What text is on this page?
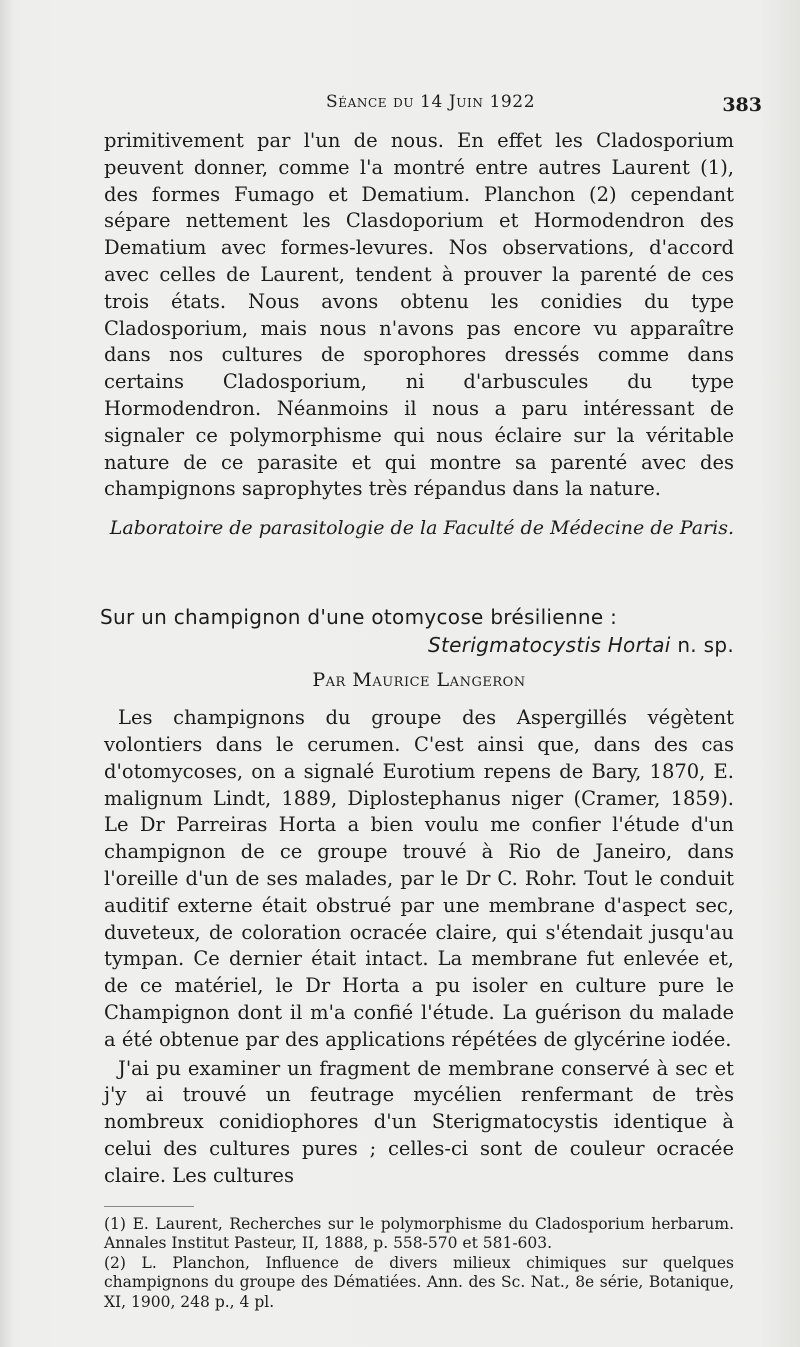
Séance du 14 Juin 1922	383

primitivement par l'un de nous. En effet les Cladosporium peuvent donner, comme l'a montré entre autres Laurent (1), des formes Fumago et Dematium. Planchon (2) cependant sépare nettement les Clasdoporium et Hormodendron des Dematium avec formes-levures. Nos observations, d'accord avec celles de Laurent, tendent à prouver la parenté de ces trois états. Nous avons obtenu les conidies du type Cladosporium, mais nous n'avons pas encore vu apparaître dans nos cultures de sporophores dressés comme dans certains Cladosporium, ni d'arbuscules du type Hormodendron. Néanmoins il nous a paru intéressant de signaler ce polymorphisme qui nous éclaire sur la véritable nature de ce parasite et qui montre sa parenté avec des champignons saprophytes très répandus dans la nature.

Laboratoire de parasitologie de la Faculté de Médecine de Paris.

Sur un champignon d'une otomycose brésilienne :
Sterigmatocystis Hortai n. sp.

Par Maurice Langeron

Les champignons du groupe des Aspergillés végètent volontiers dans le cerumen. C'est ainsi que, dans des cas d'otomycoses, on a signalé Eurotium repens de Bary, 1870, E. malignum Lindt, 1889, Diplostephanus niger (Cramer, 1859). Le Dr Parreiras Horta a bien voulu me confier l'étude d'un champignon de ce groupe trouvé à Rio de Janeiro, dans l'oreille d'un de ses malades, par le Dr C. Rohr. Tout le conduit auditif externe était obstrué par une membrane d'aspect sec, duveteux, de coloration ocracée claire, qui s'étendait jusqu'au tympan. Ce dernier était intact. La membrane fut enlevée et, de ce matériel, le Dr Horta a pu isoler en culture pure le Champignon dont il m'a confié l'étude. La guérison du malade a été obtenue par des applications répétées de glycérine iodée.

J'ai pu examiner un fragment de membrane conservé à sec et j'y ai trouvé un feutrage mycélien renfermant de très nombreux conidiophores d'un Sterigmatocystis identique à celui des cultures pures ; celles-ci sont de couleur ocracée claire. Les cultures

(1) E. Laurent, Recherches sur le polymorphisme du Cladosporium herbarum. Annales Institut Pasteur, II, 1888, p. 558-570 et 581-603.

(2) L. Planchon, Influence de divers milieux chimiques sur quelques champignons du groupe des Dématiées. Ann. des Sc. Nat., 8e série, Botanique, XI, 1900, 248 p., 4 pl.
